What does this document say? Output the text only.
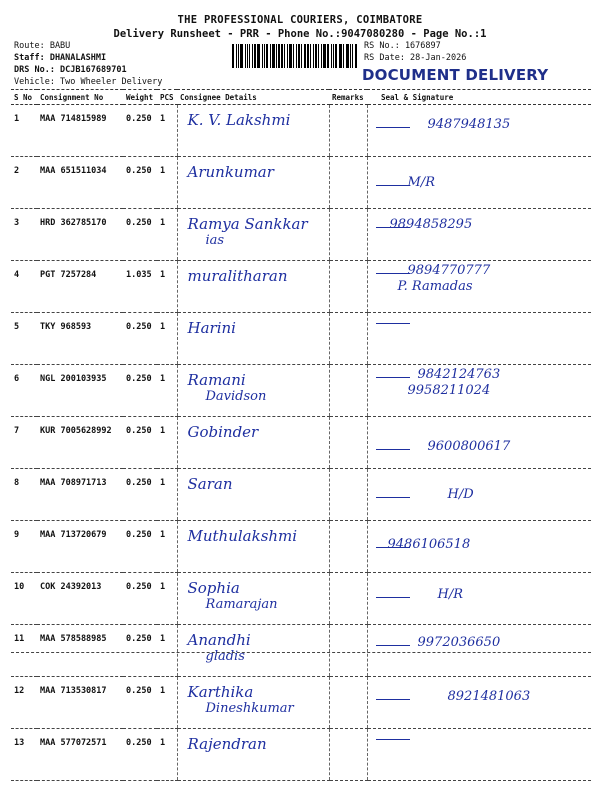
THE PROFESSIONAL COURIERS, COIMBATORE
Delivery Runsheet - PRR - Phone No.:9047080280 - Page No.:1
Route: BABU
Staff: DHANALASHMI
DRS No.: DCJB167689701
Vehicle: Two Wheeler Delivery
RS No.: 1676897
RS Date: 28-Jan-2026
DOCUMENT DELIVERY
S No	Consignment No	Weight	PCS	Consignee Details	Remarks	Seal & Signature
1	MAA 714815989	0.250	1	K. V. Lakshmi		9487948135

2	MAA 651511034	0.250	1	Arunkumar		M/R

3	HRD 362785170	0.250	1	Ramya Sankkar
ias		9894858295

4	PGT 7257284	1.035	1	muralitharan		9894770777
P. Ramadas

5	TKY 968593	0.250	1	Harini		

6	NGL 200103935	0.250	1	Ramani
Davidson		9842124763
9958211024

7	KUR 7005628992	0.250	1	Gobinder		9600800617

8	MAA 708971713	0.250	1	Saran		H/D

9	MAA 713720679	0.250	1	Muthulakshmi		9486106518

10	COK 24392013	0.250	1	Sophia
Ramarajan		H/R

11	MAA 578588985	0.250	1	Anandhi
gladis		9972036650

12	MAA 713530817	0.250	1	Karthika
Dineshkumar		8921481063

13	MAA 577072571	0.250	1	Rajendran		
